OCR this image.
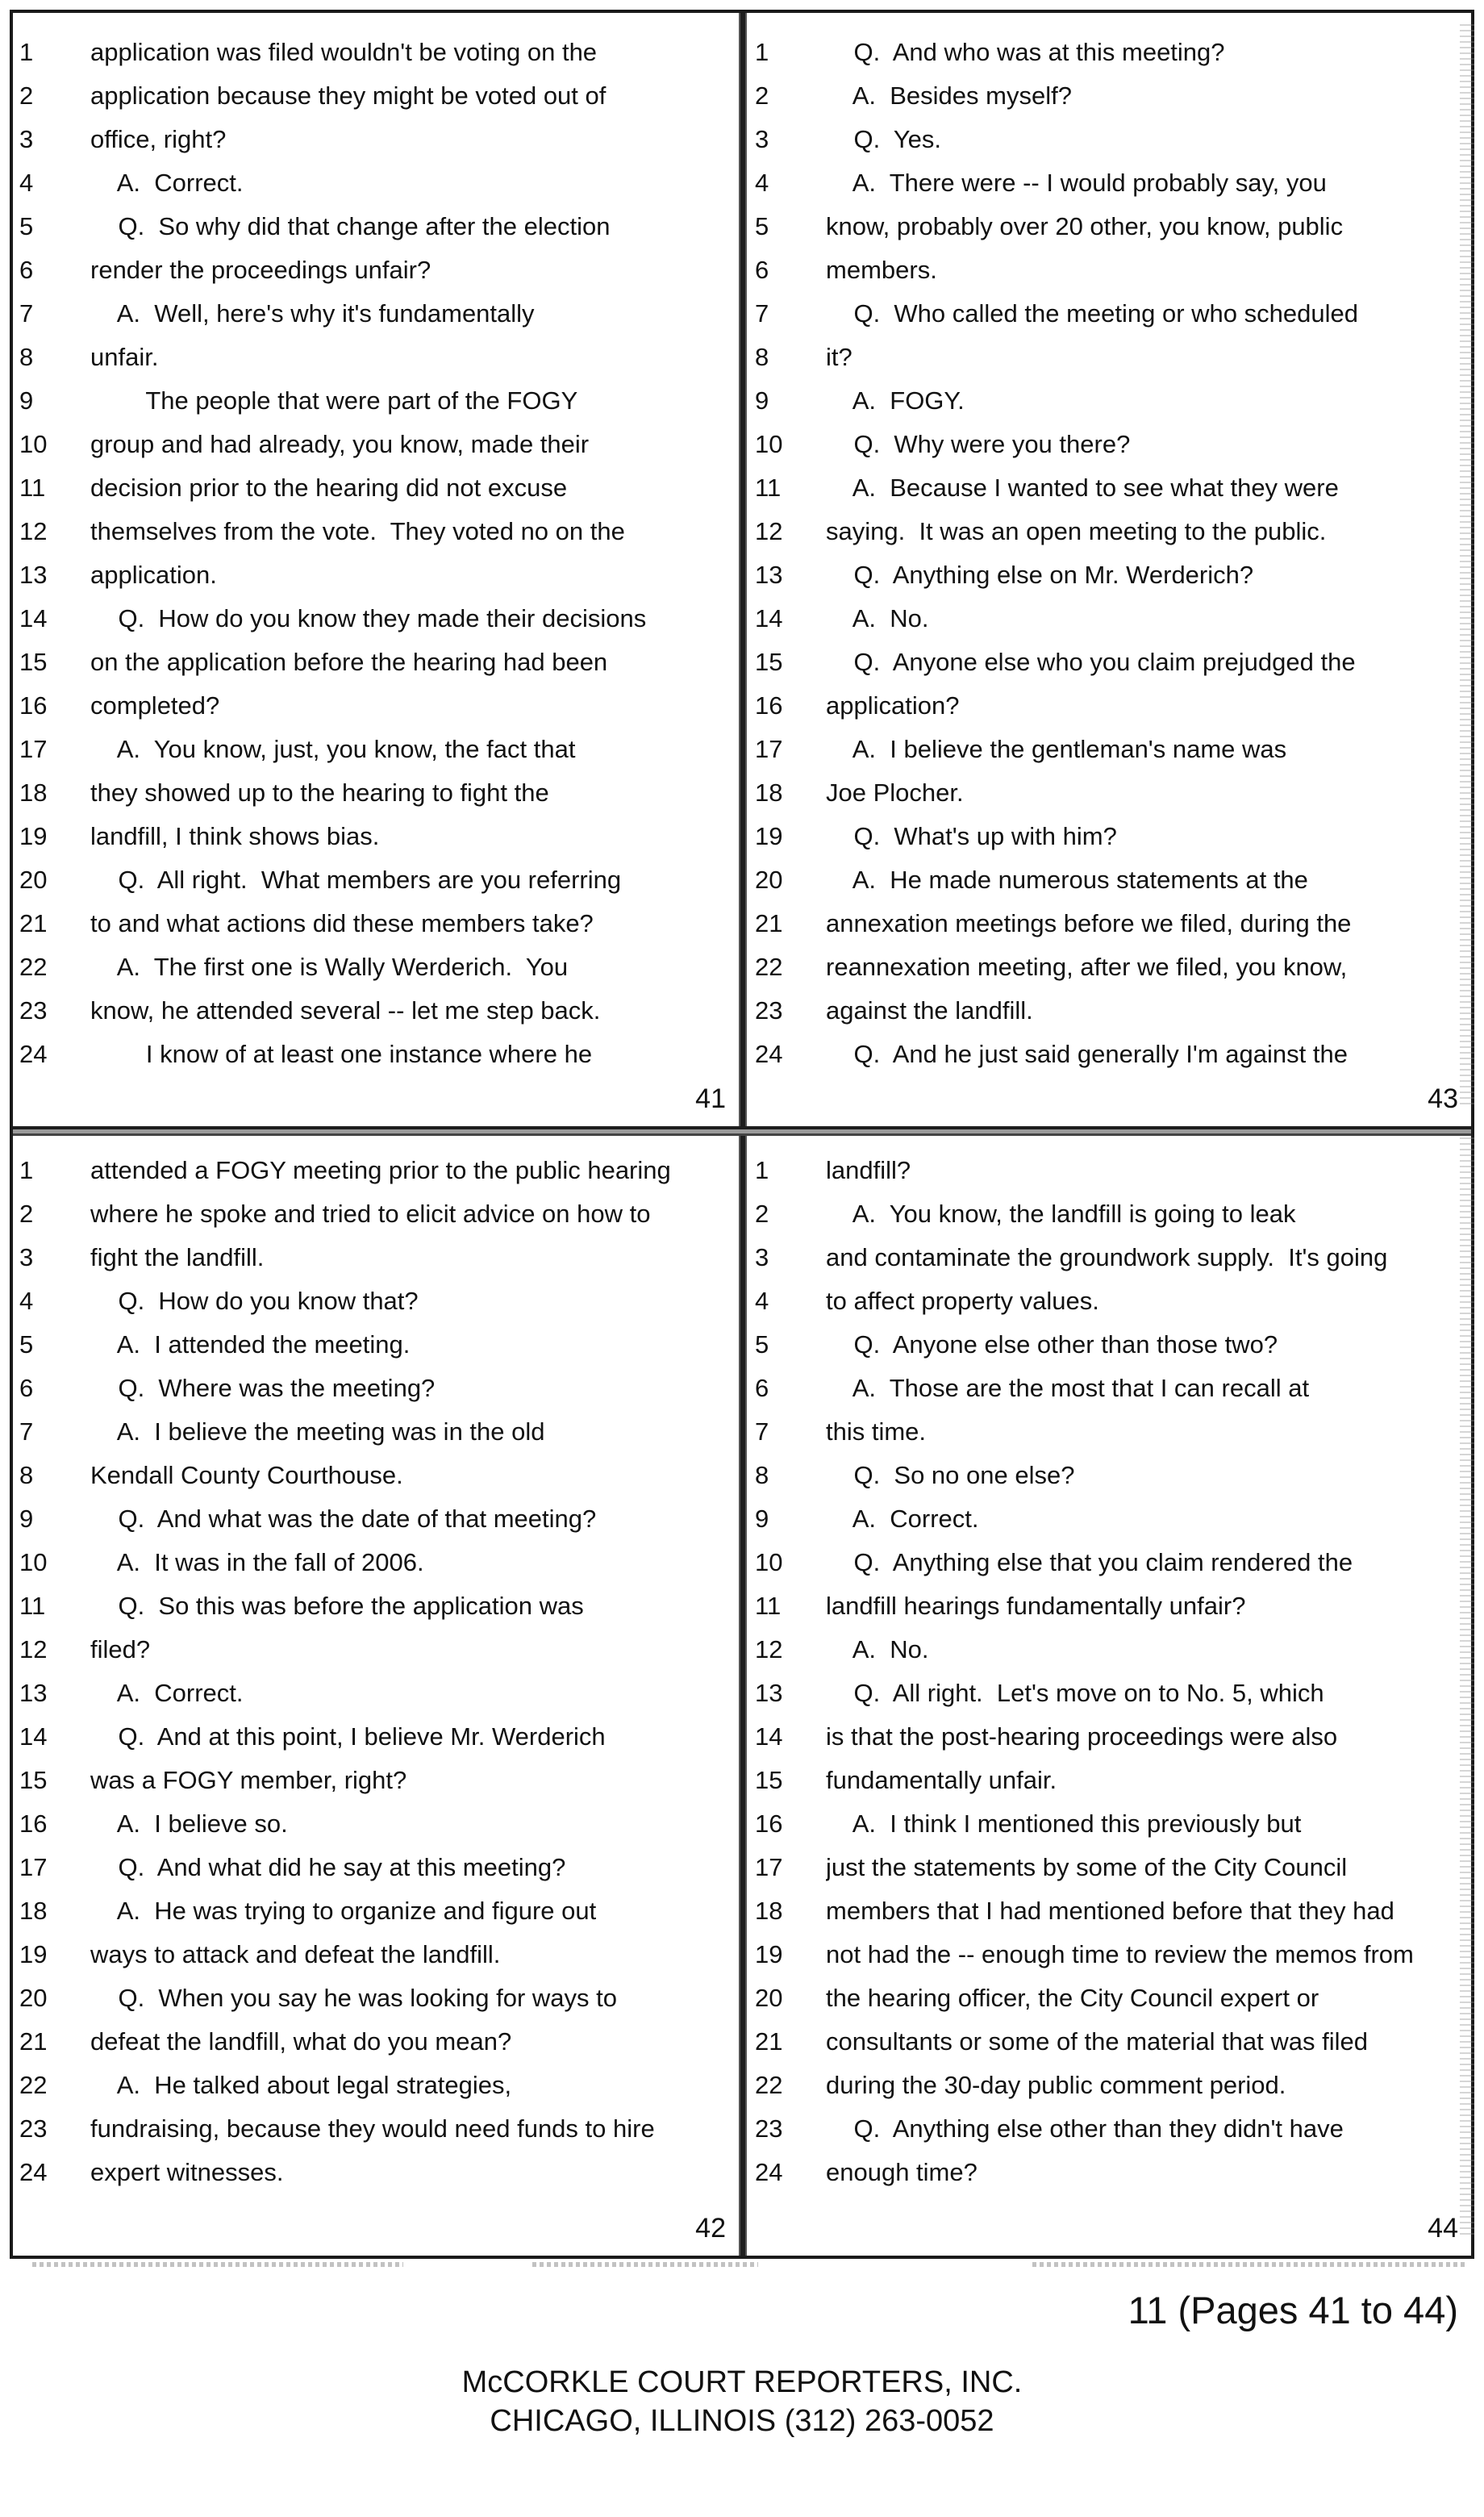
41
1	application was filed wouldn't be voting on the
2	application because they might be voted out of
3	office, right?
4	A.  Correct.
5	Q.  So why did that change after the election
6	render the proceedings unfair?
7	A.  Well, here's why it's fundamentally
8	unfair.
9	The people that were part of the FOGY
10	group and had already, you know, made their
11	decision prior to the hearing did not excuse
12	themselves from the vote.  They voted no on the
13	application.
14	Q.  How do you know they made their decisions
15	on the application before the hearing had been
16	completed?
17	A.  You know, just, you know, the fact that
18	they showed up to the hearing to fight the
19	landfill, I think shows bias.
20	Q.  All right.  What members are you referring
21	to and what actions did these members take?
22	A.  The first one is Wally Werderich.  You
23	know, he attended several -- let me step back.
24	I know of at least one instance where he
43
1	Q.  And who was at this meeting?
2	A.  Besides myself?
3	Q.  Yes.
4	A.  There were -- I would probably say, you
5	know, probably over 20 other, you know, public
6	members.
7	Q.  Who called the meeting or who scheduled
8	it?
9	A.  FOGY.
10	Q.  Why were you there?
11	A.  Because I wanted to see what they were
12	saying.  It was an open meeting to the public.
13	Q.  Anything else on Mr. Werderich?
14	A.  No.
15	Q.  Anyone else who you claim prejudged the
16	application?
17	A.  I believe the gentleman's name was
18	Joe Plocher.
19	Q.  What's up with him?
20	A.  He made numerous statements at the
21	annexation meetings before we filed, during the
22	reannexation meeting, after we filed, you know,
23	against the landfill.
24	Q.  And he just said generally I'm against the
42
1	attended a FOGY meeting prior to the public hearing
2	where he spoke and tried to elicit advice on how to
3	fight the landfill.
4	Q.  How do you know that?
5	A.  I attended the meeting.
6	Q.  Where was the meeting?
7	A.  I believe the meeting was in the old
8	Kendall County Courthouse.
9	Q.  And what was the date of that meeting?
10	A.  It was in the fall of 2006.
11	Q.  So this was before the application was
12	filed?
13	A.  Correct.
14	Q.  And at this point, I believe Mr. Werderich
15	was a FOGY member, right?
16	A.  I believe so.
17	Q.  And what did he say at this meeting?
18	A.  He was trying to organize and figure out
19	ways to attack and defeat the landfill.
20	Q.  When you say he was looking for ways to
21	defeat the landfill, what do you mean?
22	A.  He talked about legal strategies,
23	fundraising, because they would need funds to hire
24	expert witnesses.
44
1	landfill?
2	A.  You know, the landfill is going to leak
3	and contaminate the groundwork supply.  It's going
4	to affect property values.
5	Q.  Anyone else other than those two?
6	A.  Those are the most that I can recall at
7	this time.
8	Q.  So no one else?
9	A.  Correct.
10	Q.  Anything else that you claim rendered the
11	landfill hearings fundamentally unfair?
12	A.  No.
13	Q.  All right.  Let's move on to No. 5, which
14	is that the post-hearing proceedings were also
15	fundamentally unfair.
16	A.  I think I mentioned this previously but
17	just the statements by some of the City Council
18	members that I had mentioned before that they had
19	not had the -- enough time to review the memos from
20	the hearing officer, the City Council expert or
21	consultants or some of the material that was filed
22	during the 30-day public comment period.
23	Q.  Anything else other than they didn't have
24	enough time?
11 (Pages 41 to 44)
McCORKLE COURT REPORTERS, INC.
CHICAGO, ILLINOIS (312) 263-0052
